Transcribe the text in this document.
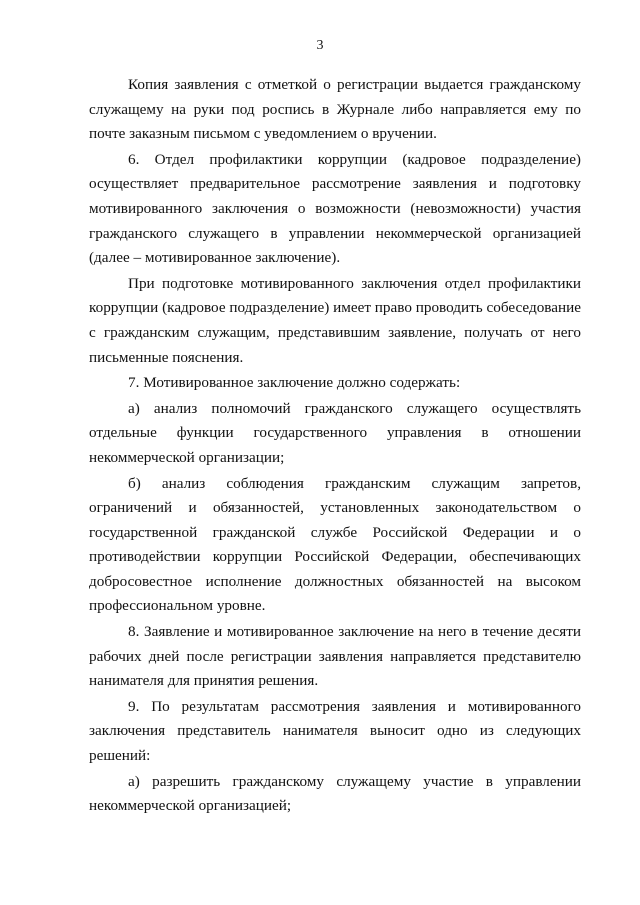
3

Копия заявления с отметкой о регистрации выдается гражданскому служащему на руки под роспись в Журнале либо направляется ему по почте заказным письмом с уведомлением о вручении.

6. Отдел профилактики коррупции (кадровое подразделение) осуществляет предварительное рассмотрение заявления и подготовку мотивированного заключения о возможности (невозможности) участия гражданского служащего в управлении некоммерческой организацией (далее – мотивированное заключение).

При подготовке мотивированного заключения отдел профилактики коррупции (кадровое подразделение) имеет право проводить собеседование с гражданским служащим, представившим заявление, получать от него письменные пояснения.

7. Мотивированное заключение должно содержать:

а) анализ полномочий гражданского служащего осуществлять отдельные функции государственного управления в отношении некоммерческой организации;

б) анализ соблюдения гражданским служащим запретов, ограничений и обязанностей, установленных законодательством о государственной гражданской службе Российской Федерации и о противодействии коррупции Российской Федерации, обеспечивающих добросовестное исполнение должностных обязанностей на высоком профессиональном уровне.

8. Заявление и мотивированное заключение на него в течение десяти рабочих дней после регистрации заявления направляется представителю нанимателя для принятия решения.

9. По результатам рассмотрения заявления и мотивированного заключения представитель нанимателя выносит одно из следующих решений:

а) разрешить гражданскому служащему участие в управлении некоммерческой организацией;
